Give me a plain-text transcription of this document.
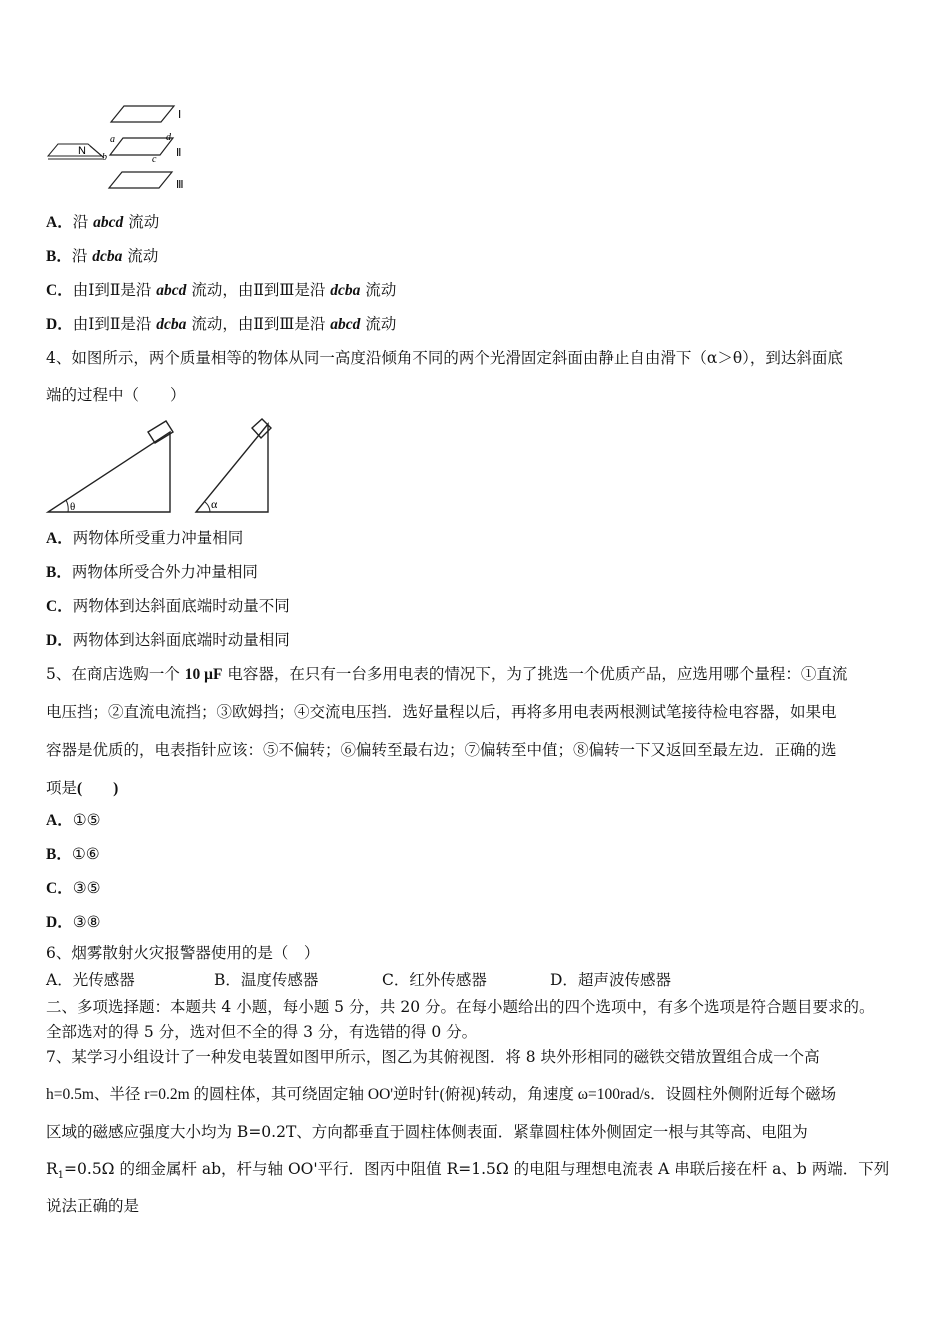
N
Ⅰ
Ⅱ
Ⅲ
a
b	c
d
A．沿 abcd 流动
B．沿 dcba 流动
C．由Ⅰ到Ⅱ是沿 abcd 流动，由Ⅱ到Ⅲ是沿 dcba 流动
D．由Ⅰ到Ⅱ是沿 dcba 流动，由Ⅱ到Ⅲ是沿 abcd 流动
4、如图所示，两个质量相等的物体从同一高度沿倾角不同的两个光滑固定斜面由静止自由滑下（α＞θ），到达斜面底
端的过程中（　　）
θ	α
A．两物体所受重力冲量相同
B．两物体所受合外力冲量相同
C．两物体到达斜面底端时动量不同
D．两物体到达斜面底端时动量相同
5、在商店选购一个 10 μF 电容器，在只有一台多用电表的情况下，为了挑选一个优质产品，应选用哪个量程：①直流
电压挡；②直流电流挡；③欧姆挡；④交流电压挡．选好量程以后，再将多用电表两根测试笔接待检电容器，如果电
容器是优质的，电表指针应该：⑤不偏转；⑥偏转至最右边；⑦偏转至中值；⑧偏转一下又返回至最左边．正确的选
项是(　　)
A．①⑤
B．①⑥
C．③⑤
D．③⑧
6、烟雾散射火灾报警器使用的是（　）
A．光传感器	B．温度传感器	C．红外传感器	D．超声波传感器
二、多项选择题：本题共 4 小题，每小题 5 分，共 20 分。在每小题给出的四个选项中，有多个选项是符合题目要求的。
全部选对的得 5 分，选对但不全的得 3 分，有选错的得 0 分。
7、某学习小组设计了一种发电装置如图甲所示，图乙为其俯视图．将 8 块外形相同的磁铁交错放置组合成一个高
h=0.5m、半径 r=0.2m 的圆柱体，其可绕固定轴 OO'逆时针(俯视)转动，角速度 ω=100rad/s．设圆柱外侧附近每个磁场
区域的磁感应强度大小均为 B=0.2T、方向都垂直于圆柱体侧表面．紧靠圆柱体外侧固定一根与其等高、电阻为
$R_1=0.5\Omega$ 的细金属杆 ab，杆与轴 OO'平行．图丙中阻值 R=1.5Ω 的电阻与理想电流表 A 串联后接在杆 a、b 两端．下列
说法正确的是
